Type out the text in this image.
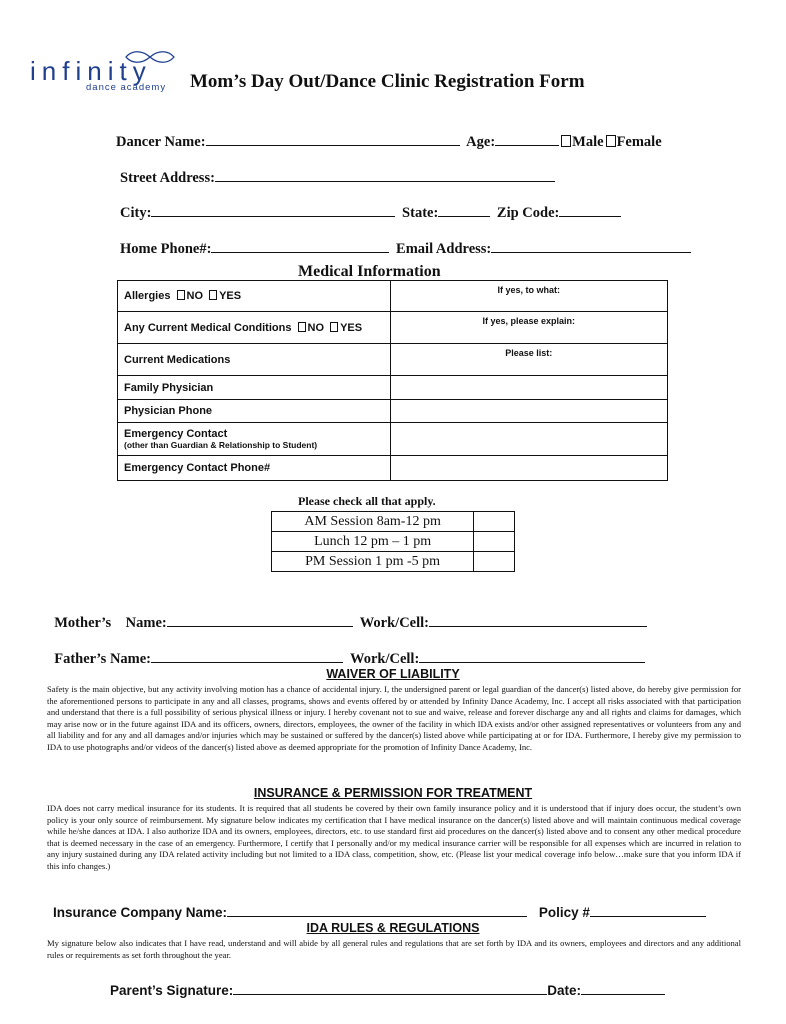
infinity
dance academy Mom’s Day Out/Dance Clinic Registration Form
Dancer Name:	Age:	Male Female
Street Address:
City:	State:	Zip Code:
Home Phone#:	Email Address:
Medical Information
Allergies NO YES	If yes, to what:
Any Current Medical Conditions NO YES	If yes, please explain:
Current Medications	Please list:
Family Physician	
Physician Phone	

Emergency Contact
(other than Guardian & Relationship to Student)	

Emergency Contact Phone#	
Please check all that apply.
AM Session 8am-12 pm	
Lunch 12 pm – 1 pm	
PM Session 1 pm -5 pm	

Mother’s    Name:	Work/Cell:

Father’s Name:	Work/Cell:

WAIVER OF LIABILITY
Safety is the main objective, but any activity involving motion has a chance of accidental injury. I, the undersigned parent or legal guardian of the dancer(s) listed above, do hereby give permission for the aforementioned persons to participate in any and all classes, programs, shows and events offered by or attended by Infinity Dance Academy, Inc. I accept all risks associated with that participation and understand that there is a full possibility of serious physical illness or injury. I hereby covenant not to sue and waive, release and forever discharge any and all rights and claims for damages, which may arise now or in the future against IDA and its officers, owners, directors, employees, the owner of the facility in which IDA exists and/or other assigned representatives or volunteers from any and all liability and for any and all damages and/or injuries which may be sustained or suffered by the dancer(s) listed above while participating at or for IDA. Furthermore, I hereby give my permission to IDA to use photographs and/or videos of the dancer(s) listed above as deemed appropriate for the promotion of Infinity Dance Academy, Inc.
INSURANCE & PERMISSION FOR TREATMENT
IDA does not carry medical insurance for its students. It is required that all students be covered by their own family insurance policy and it is understood that if injury does occur, the student’s own policy is your only source of reimbursement. My signature below indicates my certification that I have medical insurance on the dancer(s) listed above and will maintain continuous medical coverage while he/she dances at IDA. I also authorize IDA and its owners, employees, directors, etc. to use standard first aid procedures on the dancer(s) listed above and to consent any other medical procedure that is deemed necessary in the case of an emergency. Furthermore, I certify that I personally and/or my medical insurance carrier will be responsible for all expenses which are incurred in relation to any injury sustained during any IDA related activity including but not limited to a IDA class, competition, show, etc. (Please list your medical coverage info below…make sure that you inform IDA if this info changes.)
Insurance Company Name:	Policy #
IDA RULES & REGULATIONS
My signature below also indicates that I have read, understand and will abide by all general rules and regulations that are set forth by IDA and its owners, employees and directors and any additional rules or requirements as set forth throughout the year.
Parent’s Signature:	Date:
